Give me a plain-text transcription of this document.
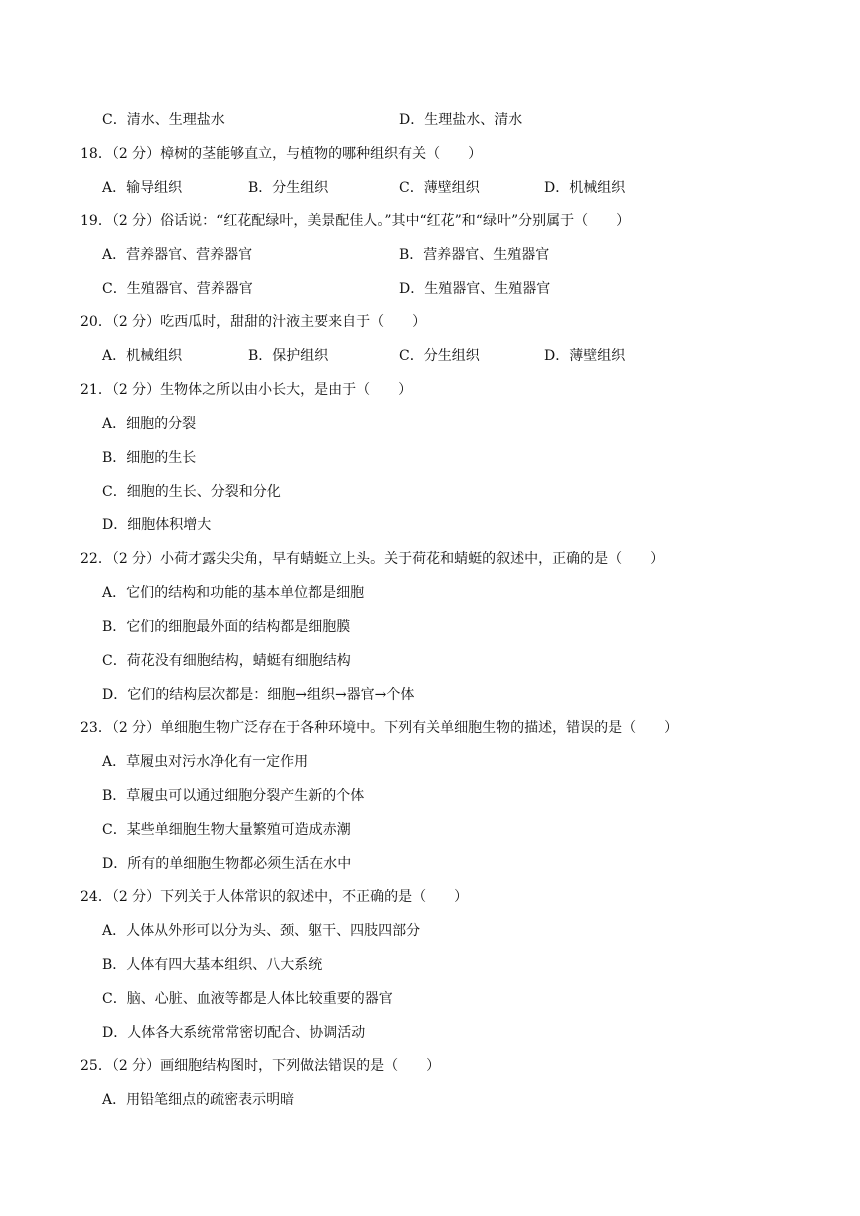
C．清水、生理盐水	D．生理盐水、清水
18．（2 分）樟树的茎能够直立，与植物的哪种组织有关（　　）
A．输导组织	B．分生组织	C．薄壁组织	D．机械组织
19．（2 分）俗话说：“红花配绿叶，美景配佳人。”其中“红花”和“绿叶”分别属于（　　）
A．营养器官、营养器官	B．营养器官、生殖器官
C．生殖器官、营养器官	D．生殖器官、生殖器官
20．（2 分）吃西瓜时，甜甜的汁液主要来自于（　　）
A．机械组织	B．保护组织	C．分生组织	D．薄壁组织
21．（2 分）生物体之所以由小长大，是由于（　　）
A．细胞的分裂
B．细胞的生长
C．细胞的生长、分裂和分化
D．细胞体积增大
22．（2 分）小荷才露尖尖角，早有蜻蜓立上头。关于荷花和蜻蜓的叙述中，正确的是（　　）
A．它们的结构和功能的基本单位都是细胞
B．它们的细胞最外面的结构都是细胞膜
C．荷花没有细胞结构，蜻蜓有细胞结构
D．它们的结构层次都是：细胞→组织→器官→个体
23．（2 分）单细胞生物广泛存在于各种环境中。下列有关单细胞生物的描述，错误的是（　　）
A．草履虫对污水净化有一定作用
B．草履虫可以通过细胞分裂产生新的个体
C．某些单细胞生物大量繁殖可造成赤潮
D．所有的单细胞生物都必须生活在水中
24．（2 分）下列关于人体常识的叙述中，不正确的是（　　）
A．人体从外形可以分为头、颈、躯干、四肢四部分
B．人体有四大基本组织、八大系统
C．脑、心脏、血液等都是人体比较重要的器官
D．人体各大系统常常密切配合、协调活动
25．（2 分）画细胞结构图时，下列做法错误的是（　　）
A．用铅笔细点的疏密表示明暗
